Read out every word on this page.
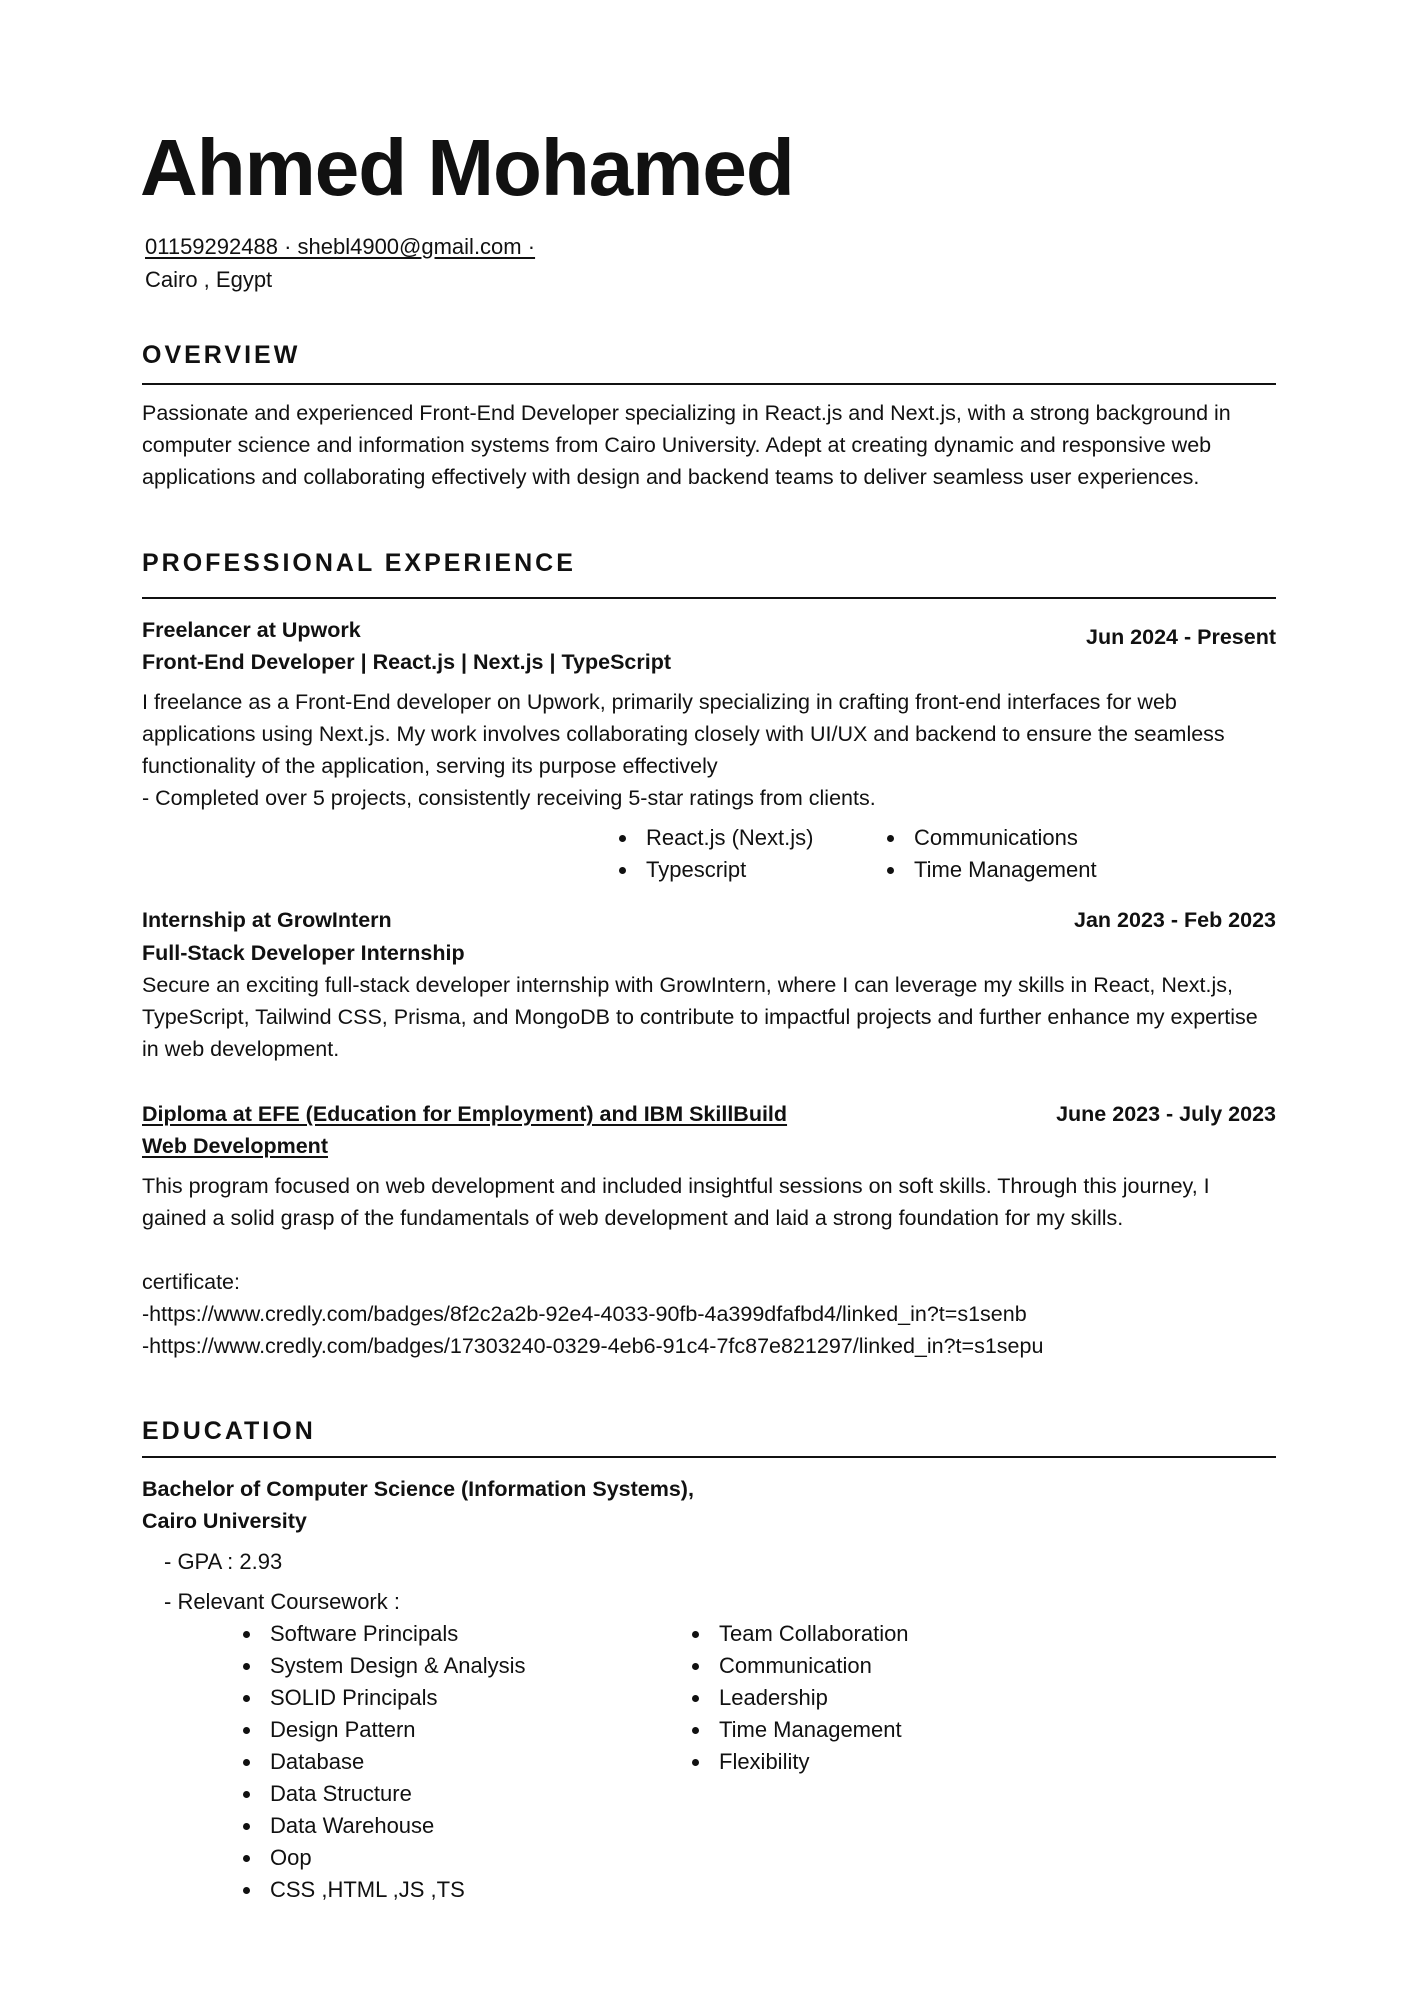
Ahmed Mohamed
01159292488 · shebl4900@gmail.com ·
Cairo , Egypt
OVERVIEW

Passionate and experienced Front-End Developer specializing in React.js and Next.js, with a strong background in computer science and information systems from Cairo University. Adept at creating dynamic and responsive web applications and collaborating effectively with design and backend teams to deliver seamless user experiences.

PROFESSIONAL EXPERIENCE
Freelancer at Upwork	Jun 2024 - Present
Front-End Developer | React.js | Next.js | TypeScript

I freelance as a Front-End developer on Upwork, primarily specializing in crafting front-end interfaces for web applications using Next.js. My work involves collaborating closely with UI/UX and backend to ensure the seamless functionality of the application, serving its purpose effectively

- Completed over 5 projects, consistently receiving 5-star ratings from clients.

React.js (Next.js)
Typescript
Communications
Time Management
Internship at GrowIntern	Jan 2023 - Feb 2023
Full-Stack Developer Internship

Secure an exciting full-stack developer internship with GrowIntern, where I can leverage my skills in React, Next.js, TypeScript, Tailwind CSS, Prisma, and MongoDB to contribute to impactful projects and further enhance my expertise in web development.

Diploma at EFE (Education for Employment) and IBM SkillBuild	June 2023 - July 2023
Web Development

This program focused on web development and included insightful sessions on soft skills. Through this journey, I gained a solid grasp of the fundamentals of web development and laid a strong foundation for my skills.

certificate:

-https://www.credly.com/badges/8f2c2a2b-92e4-4033-90fb-4a399dfafbd4/linked_in?t=s1senb

-https://www.credly.com/badges/17303240-0329-4eb6-91c4-7fc87e821297/linked_in?t=s1sepu

EDUCATION
Bachelor of Computer Science (Information Systems),
Cairo University
- GPA : 2.93
- Relevant Coursework :
Software Principals
System Design & Analysis
SOLID Principals
Design Pattern
Database
Data Structure
Data Warehouse
Oop
CSS ,HTML ,JS ,TS
Team Collaboration
Communication
Leadership
Time Management
Flexibility
